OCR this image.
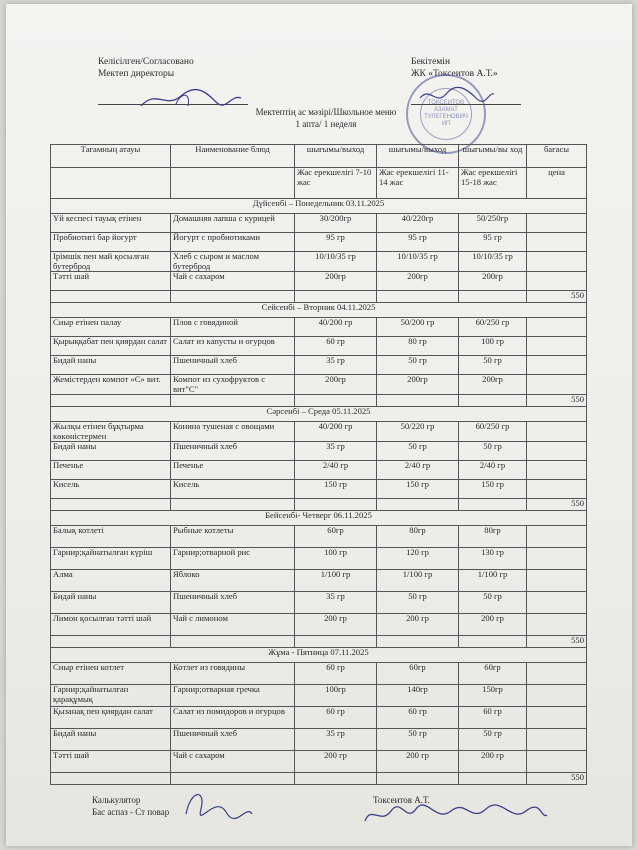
Келісілген/Согласовано
Мектеп директоры
Бекітемін
ЖК «Токсеитов А.Т.»
ТОКСЕИТОВ АЗАМАТ ТУЛЕГЕНОВИЧ ИП
Мектептің ас мәзірі/Школьное меню
1 апта/ 1 неделя
Тағамның атауы	Наименование блюд	шығымы/выход	шығымы/выход	шығымы/вы ход	бағасы
		Жас ерекшелігі 7-10 жас	Жас ерекшелігі 11-14 жас	Жас ерекшелігі 15-18 жас	цена
Дүйсенбі – Понедельник 03.11.2025					
Үй кеспесі тауық етінен	Домашняя лапша с курицей	30/200гр	40/220гр	50/250гр	
Пробиотигі бар йогурт	Йогурт с пробиотиками	95 гр	95 гр	95 гр	
Ірімшік пен май қосылған бутерброд	Хлеб с сыром и маслом бутерброд	10/10/35 гр	10/10/35 гр	10/10/35 гр	
Тәтті шай	Чай с сахаром	200гр	200гр	200гр	
					550
Сейсенбі – Вторник 04.11.2025					
Сиыр етінен палау	Плов с говядиной	40/200 гр	50/200 гр	60/250 гр	
Қырыққабат пен қиярдан салат	Салат из капусты и огурцов	60 гр	80 гр	100 гр	
Бидай наны	Пшеничный хлеб	35 гр	50 гр	50 гр	
Жемістерден компот «С» вит.	Компот из сухофруктов с вит"С"	200гр	200гр	200гр	
					550
Сәрсенбі – Среда 05.11.2025					
Жылқы етінен бұқтырма көкөністермен	Конина тушеная с овощами	40/200 гр	50/220 гр	60/250 гр	
Бидай наны	Пшеничный хлеб	35 гр	50 гр	50 гр	
Печенье	Печенье	2/40 гр	2/40 гр	2/40 гр	
Кисель	Кисель	150 гр	150 гр	150 гр	
					550
Бейсенбі- Четверг 06.11.2025					
Балық котлеті	Рыбные котлеты	60гр	80гр	80гр	
Гарнир;қайнатылған күріш	Гарнир;отварной рис	100 гр	120 гр	130 гр	
Алма	Яблоко	1/100 гр	1/100 гр	1/100 гр	
Бидай наны	Пшеничный хлеб	35 гр	50 гр	50 гр	
Лимон қосылған тәтті шәй	Чай с лимоном	200 гр	200 гр	200 гр	
					550
Жұма - Пятница 07.11.2025					
Сиыр етінен котлет	Котлет из говядины	60 гр	60гр	60гр	
Гарнир;қайнатылған қарақұмық	Гарнир;отварная гречка	100гр	140гр	150гр	
Қызанақ пен қиярдан салат	Салат из помидоров и огурцов	60 гр	60 гр	60 гр	
Бидай наны	Пшеничный хлеб	35 гр	50 гр	50 гр	
Тәтті шай	Чай с сахаром	200 гр	200 гр	200 гр	
					550
Калькулятор
Бас аспаз - Ст повар
Токсеитов А.Т.
